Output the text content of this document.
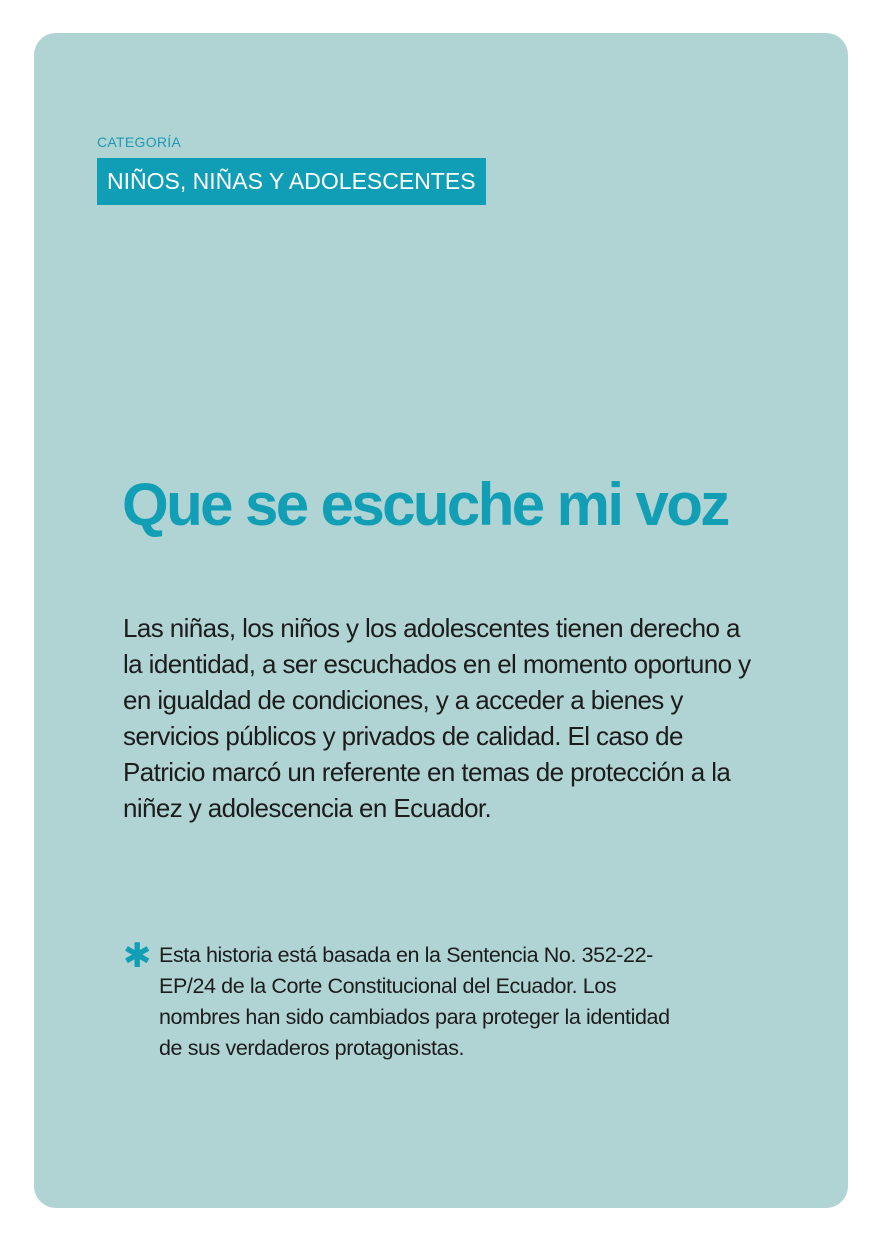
CATEGORÍA
NIÑOS, NIÑAS Y ADOLESCENTES
Que se escuche mi voz

Las niñas, los niños y los adolescentes tienen derecho a la identidad, a ser escuchados en el momento oportuno y en igualdad de condiciones, y a acceder a bienes y servicios públicos y privados de calidad. El caso de Patricio marcó un referente en temas de protección a la niñez y adolescencia en Ecuador.

✱ Esta historia está basada en la Sentencia No. 352-22-EP/24 de la Corte Constitucional del Ecuador. Los nombres han sido cambiados para proteger la identidad de sus verdaderos protagonistas.
